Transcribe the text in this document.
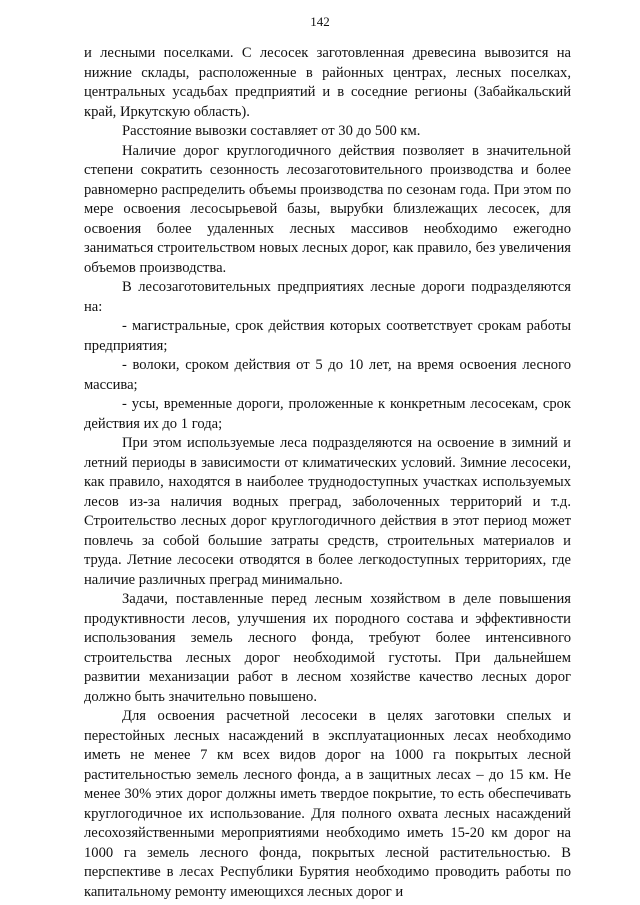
142

и лесными поселками. С лесосек заготовленная древесина вывозится на нижние склады, расположенные в районных центрах, лесных поселках, центральных усадьбах предприятий и в соседние регионы (Забайкальский край, Иркутскую область).

Расстояние вывозки составляет от 30 до 500 км.

Наличие дорог круглогодичного действия позволяет в значительной степени сократить сезонность лесозаготовительного производства и более равномерно распределить объемы производства по сезонам года. При этом по мере освоения лесосырьевой базы, вырубки близлежащих лесосек, для освоения более удаленных лесных массивов необходимо ежегодно заниматься строительством новых лесных дорог, как правило, без увеличения объемов производства.

В лесозаготовительных предприятиях лесные дороги подразделяются на:

- магистральные, срок действия которых соответствует срокам работы предприятия;

- волоки, сроком действия от 5 до 10 лет, на время освоения лесного массива;

- усы, временные дороги, проложенные к конкретным лесосекам, срок действия их до 1 года;

При этом используемые леса подразделяются на освоение в зимний и летний периоды в зависимости от климатических условий. Зимние лесосеки, как правило, находятся в наиболее труднодоступных участках используемых лесов из-за наличия водных преград, заболоченных территорий и т.д. Строительство лесных дорог круглогодичного действия в этот период может повлечь за собой большие затраты средств, строительных материалов и труда. Летние лесосеки отводятся в более легкодоступных территориях, где наличие различных преград минимально.

Задачи, поставленные перед лесным хозяйством в деле повышения продуктивности лесов, улучшения их породного состава и эффективности использования земель лесного фонда, требуют более интенсивного строительства лесных дорог необходимой густоты. При дальнейшем развитии механизации работ в лесном хозяйстве качество лесных дорог должно быть значительно повышено.

Для освоения расчетной лесосеки в целях заготовки спелых и перестойных лесных насаждений в эксплуатационных лесах необходимо иметь не менее 7 км всех видов дорог на 1000 га покрытых лесной растительностью земель лесного фонда, а в защитных лесах – до 15 км. Не менее 30% этих дорог должны иметь твердое покрытие, то есть обеспечивать круглогодичное их использование. Для полного охвата лесных насаждений лесохозяйственными мероприятиями необходимо иметь 15-20 км дорог на 1000 га земель лесного фонда, покрытых лесной растительностью. В перспективе в лесах Республики Бурятия необходимо проводить работы по капитальному ремонту имеющихся лесных дорог и
